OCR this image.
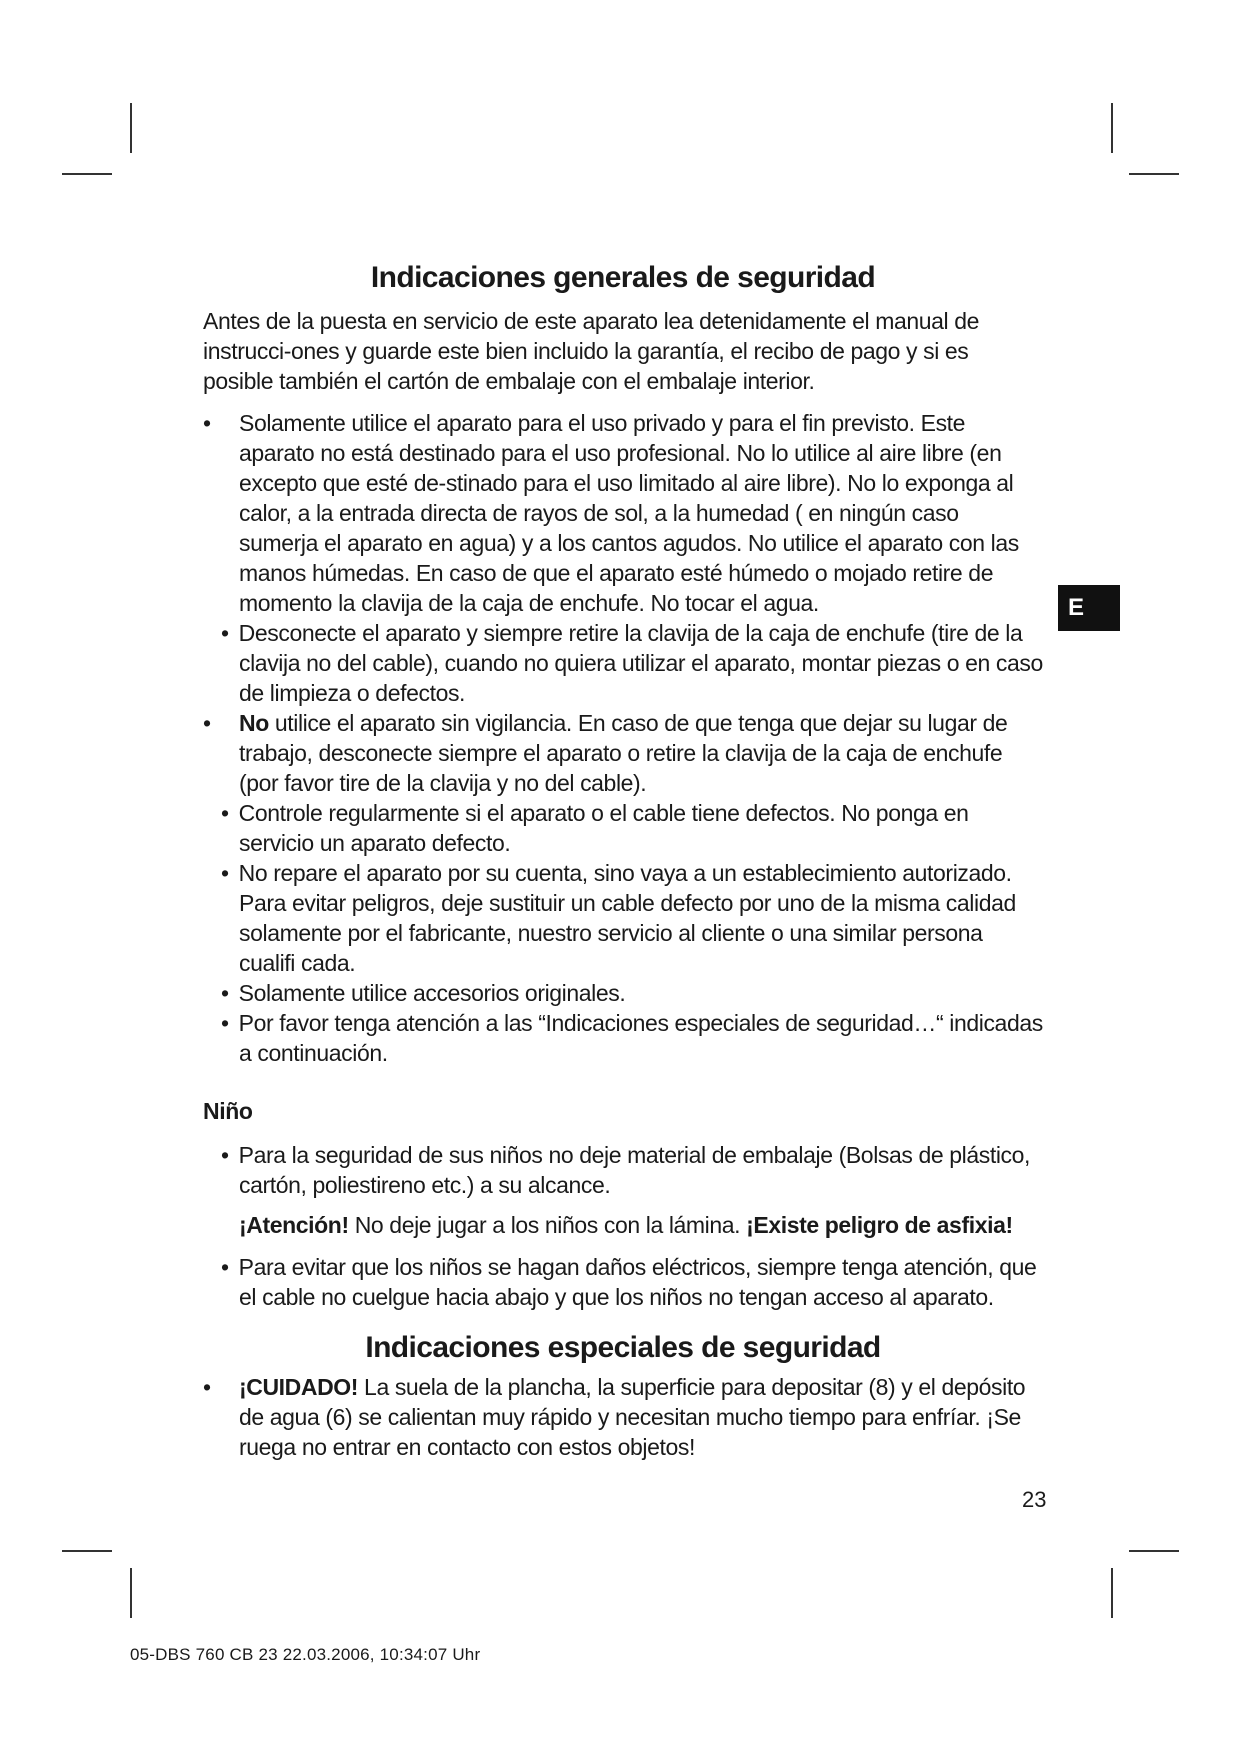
Indicaciones generales de seguridad

Antes de la puesta en servicio de este aparato lea detenidamente el manual de instrucci-ones y guarde este bien incluido la garantía, el recibo de pago y si es posible también el cartón de embalaje con el embalaje interior.

• Solamente utilice el aparato para el uso privado y para el fin previsto. Este aparato no está destinado para el uso profesional. No lo utilice al aire libre (en excepto que esté de-stinado para el uso limitado al aire libre). No lo exponga al calor, a la entrada directa de rayos de sol, a la humedad ( en ningún caso sumerja el aparato en agua) y a los cantos agudos. No utilice el aparato con las manos húmedas. En caso de que el aparato esté húmedo o mojado retire de momento la clavija de la caja de enchufe. No tocar el agua.
• Desconecte el aparato y siempre retire la clavija de la caja de enchufe (tire de la clavija no del cable), cuando no quiera utilizar el aparato, montar piezas o en caso de limpieza o defectos.
• No utilice el aparato sin vigilancia. En caso de que tenga que dejar su lugar de trabajo, desconecte siempre el aparato o retire la clavija de la caja de enchufe (por favor tire de la clavija y no del cable).
• Controle regularmente si el aparato o el cable tiene defectos. No ponga en servicio un aparato defecto.
• No repare el aparato por su cuenta, sino vaya a un establecimiento autorizado. Para evitar peligros, deje sustituir un cable defecto por uno de la misma calidad solamente por el fabricante, nuestro servicio al cliente o una similar persona cualifi cada.
• Solamente utilice accesorios originales.
• Por favor tenga atención a las “Indicaciones especiales de seguridad…“ indicadas a continuación.
Niño
• Para la seguridad de sus niños no deje material de embalaje (Bolsas de plástico, cartón, poliestireno etc.) a su alcance.

¡Atención! No deje jugar a los niños con la lámina. ¡Existe peligro de asfixia!

• Para evitar que los niños se hagan daños eléctricos, siempre tenga atención, que el cable no cuelgue hacia abajo y que los niños no tengan acceso al aparato.
Indicaciones especiales de seguridad
• ¡CUIDADO! La suela de la plancha, la superficie para depositar (8) y el depósito de agua (6) se calientan muy rápido y necesitan mucho tiempo para enfríar. ¡Se ruega no entrar en contacto con estos objetos!
E
23
05-DBS 760 CB 23 22.03.2006, 10:34:07 Uhr
